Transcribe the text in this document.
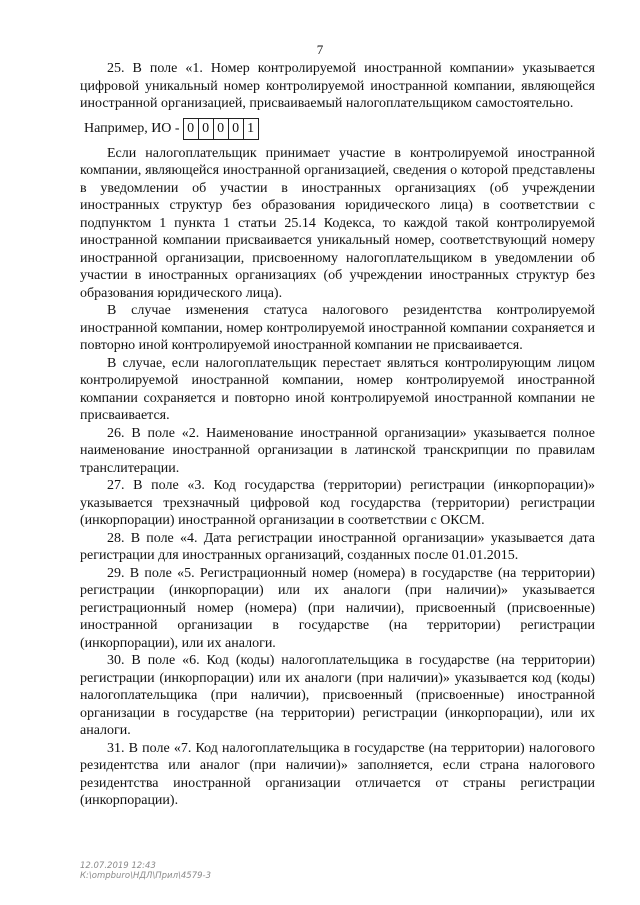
7

25. В поле «1. Номер контролируемой иностранной компании» указывается цифровой уникальный номер контролируемой иностранной компании, являющейся иностранной организацией, присваиваемый налогоплательщиком самостоятельно.

Например, ИО - 0 0 0 0 1

Если налогоплательщик принимает участие в контролируемой иностранной компании, являющейся иностранной организацией, сведения о которой представлены в уведомлении об участии в иностранных организациях (об учреждении иностранных структур без образования юридического лица) в соответствии с подпунктом 1 пункта 1 статьи 25.14 Кодекса, то каждой такой контролируемой иностранной компании присваивается уникальный номер, соответствующий номеру иностранной организации, присвоенному налогоплательщиком в уведомлении об участии в иностранных организациях (об учреждении иностранных структур без образования юридического лица).

В случае изменения статуса налогового резидентства контролируемой иностранной компании, номер контролируемой иностранной компании сохраняется и повторно иной контролируемой иностранной компании не присваивается.

В случае, если налогоплательщик перестает являться контролирующим лицом контролируемой иностранной компании, номер контролируемой иностранной компании сохраняется и повторно иной контролируемой иностранной компании не присваивается.

26. В поле «2. Наименование иностранной организации» указывается полное наименование иностранной организации в латинской транскрипции по правилам транслитерации.

27. В поле «3. Код государства (территории) регистрации (инкорпорации)» указывается трехзначный цифровой код государства (территории) регистрации (инкорпорации) иностранной организации в соответствии с ОКСМ.

28. В поле «4. Дата регистрации иностранной организации» указывается дата регистрации для иностранных организаций, созданных после 01.01.2015.

29. В поле «5. Регистрационный номер (номера) в государстве (на территории) регистрации (инкорпорации) или их аналоги (при наличии)» указывается регистрационный номер (номера) (при наличии), присвоенный (присвоенные) иностранной организации в государстве (на территории) регистрации (инкорпорации), или их аналоги.

30. В поле «6. Код (коды) налогоплательщика в государстве (на территории) регистрации (инкорпорации) или их аналоги (при наличии)» указывается код (коды) налогоплательщика (при наличии), присвоенный (присвоенные) иностранной организации в государстве (на территории) регистрации (инкорпорации), или их аналоги.

31. В поле «7. Код налогоплательщика в государстве (на территории) налогового резидентства или аналог (при наличии)» заполняется, если страна налогового резидентства иностранной организации отличается от страны регистрации (инкорпорации).

12.07.2019 12:43
К:\ompburo\НДЛ\Прил\4579-3
